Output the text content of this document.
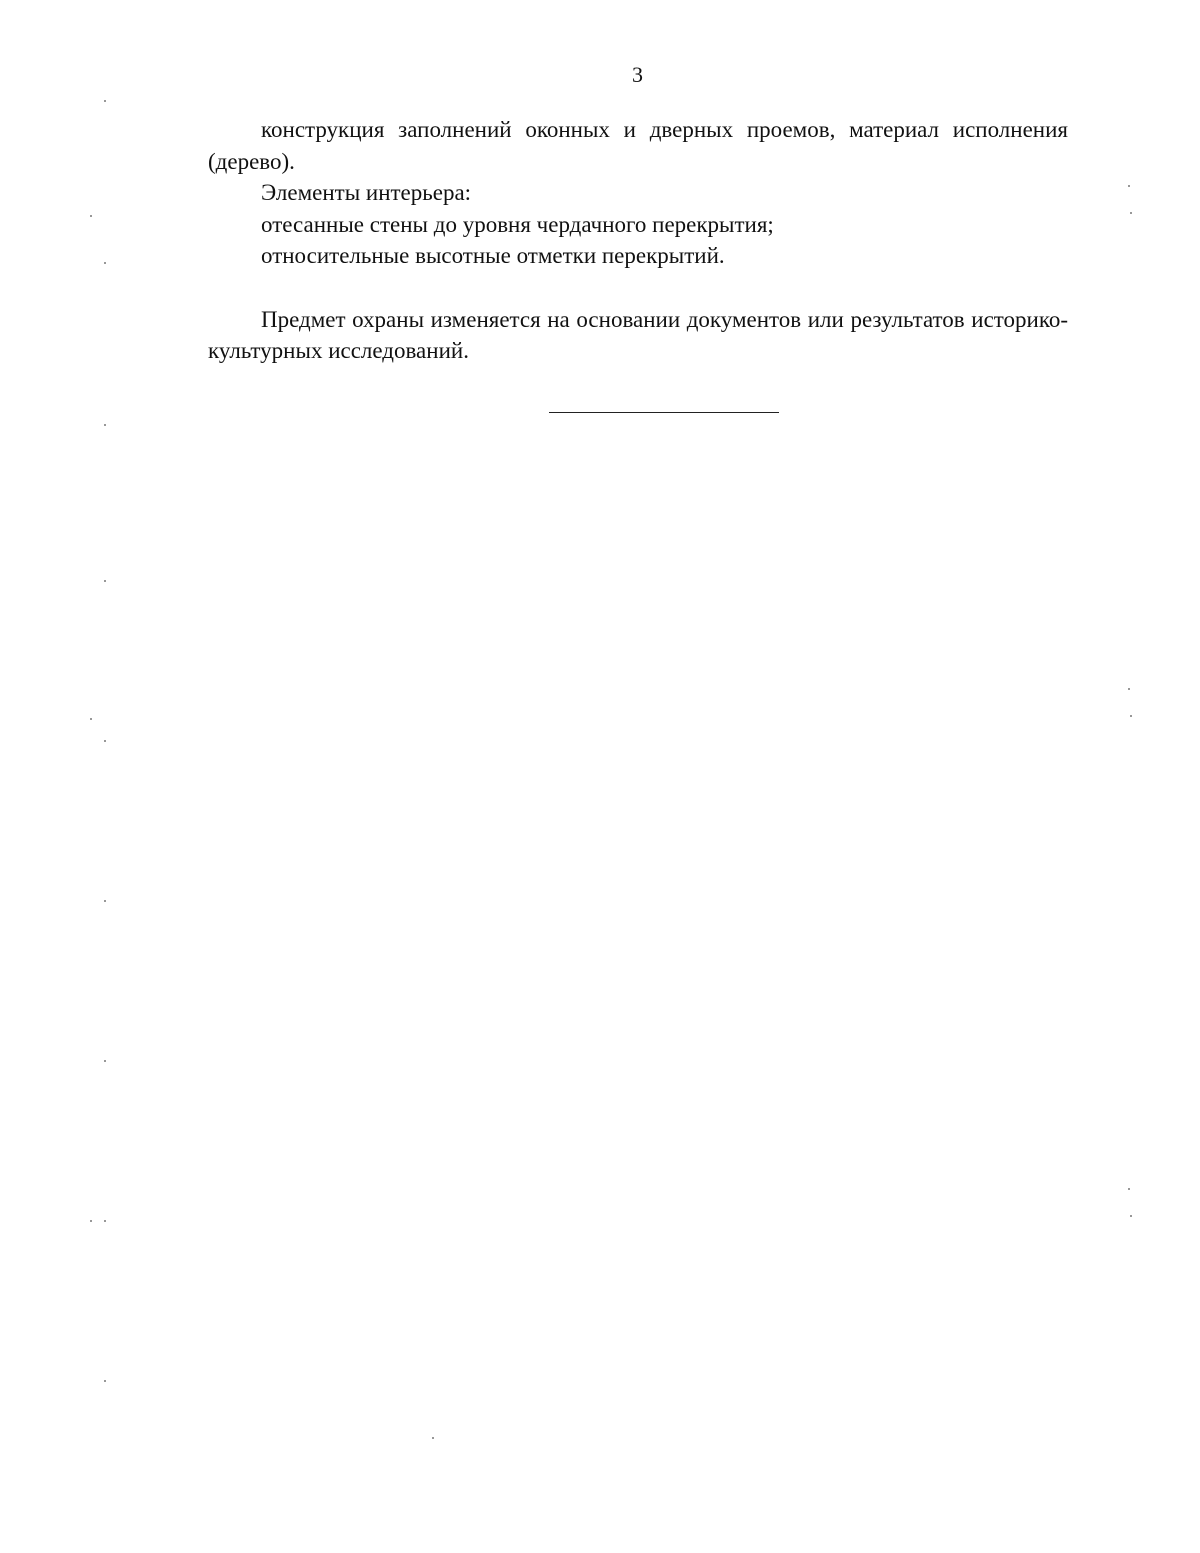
3

конструкция заполнений оконных и дверных проемов, материал исполнения (дерево).

Элементы интерьера:

отесанные стены до уровня чердачного перекрытия;

относительные высотные отметки перекрытий.

Предмет охраны изменяется на основании документов или результатов историко-культурных исследований.
